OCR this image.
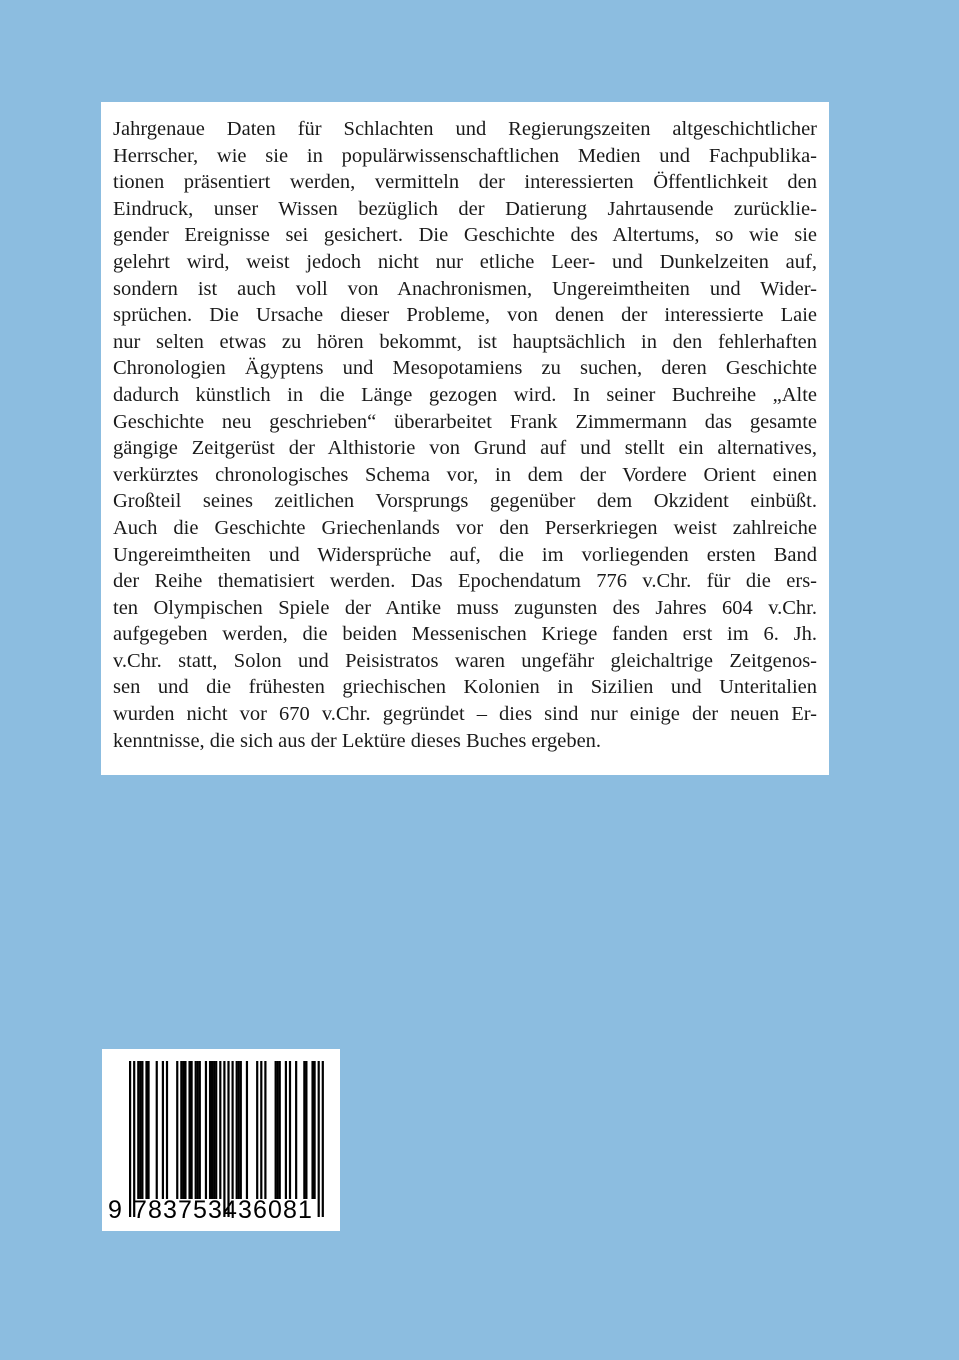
Jahrgenaue Daten für Schlachten und Regierungszeiten altgeschichtlicher
Herrscher, wie sie in populärwissenschaftlichen Medien und Fachpublika-
tionen präsentiert werden, vermitteln der interessierten Öffentlichkeit den
Eindruck, unser Wissen bezüglich der Datierung Jahrtausende zurücklie-
gender Ereignisse sei gesichert. Die Geschichte des Altertums, so wie sie
gelehrt wird, weist jedoch nicht nur etliche Leer- und Dunkelzeiten auf,
sondern ist auch voll von Anachronismen, Ungereimtheiten und Wider-
sprüchen. Die Ursache dieser Probleme, von denen der interessierte Laie
nur selten etwas zu hören bekommt, ist hauptsächlich in den fehlerhaften
Chronologien Ägyptens und Mesopotamiens zu suchen, deren Geschichte
dadurch künstlich in die Länge gezogen wird. In seiner Buchreihe „Alte
Geschichte neu geschrieben“ überarbeitet Frank Zimmermann das gesamte
gängige Zeitgerüst der Althistorie von Grund auf und stellt ein alternatives,
verkürztes chronologisches Schema vor, in dem der Vordere Orient einen
Großteil seines zeitlichen Vorsprungs gegenüber dem Okzident einbüßt.
Auch die Geschichte Griechenlands vor den Perserkriegen weist zahlreiche
Ungereimtheiten und Widersprüche auf, die im vorliegenden ersten Band
der Reihe thematisiert werden. Das Epochendatum 776 v.Chr. für die ers-
ten Olympischen Spiele der Antike muss zugunsten des Jahres 604 v.Chr.
aufgegeben werden, die beiden Messenischen Kriege fanden erst im 6. Jh.
v.Chr. statt, Solon und Peisistratos waren ungefähr gleichaltrige Zeitgenos-
sen und die frühesten griechischen Kolonien in Sizilien und Unteritalien
wurden nicht vor 670 v.Chr. gegründet – dies sind nur einige der neuen Er-
kenntnisse, die sich aus der Lektüre dieses Buches ergeben.
9 783753436081
